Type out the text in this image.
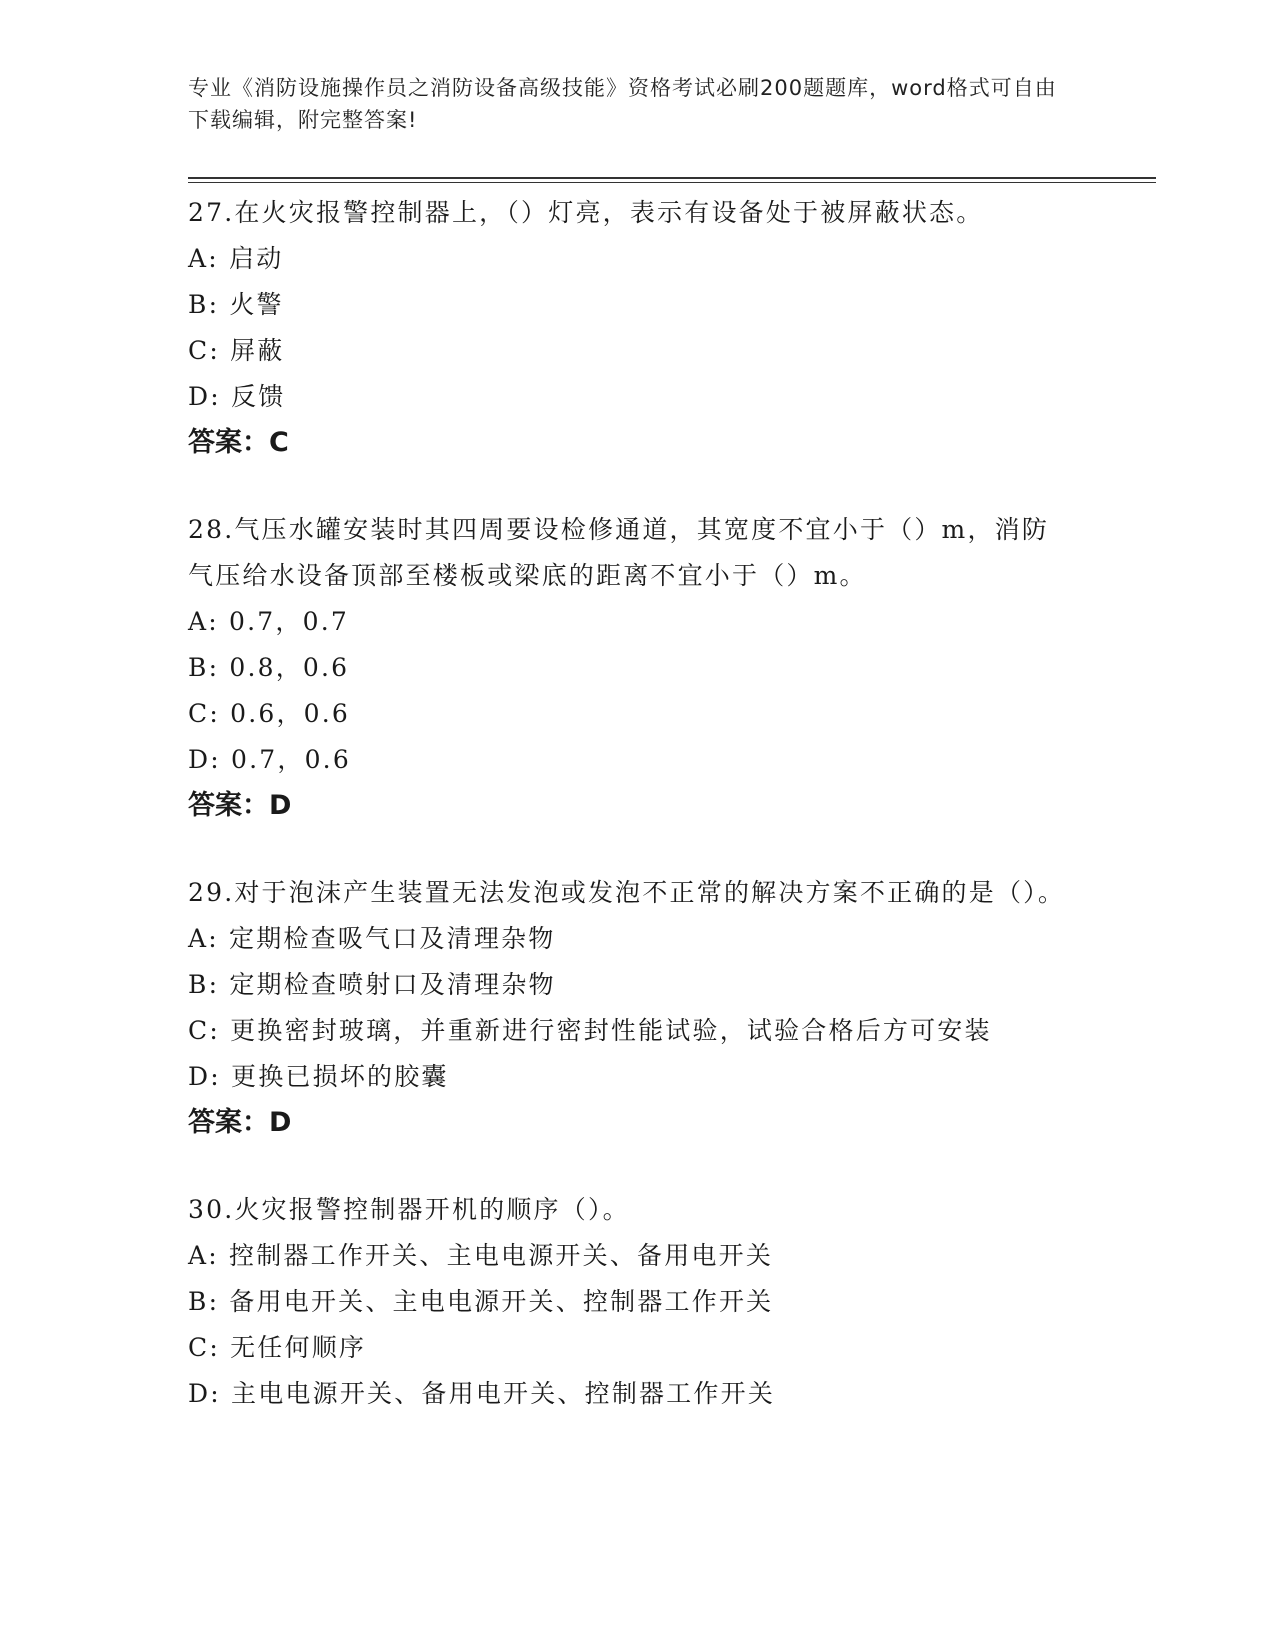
专业《消防设施操作员之消防设备高级技能》资格考试必刷200题题库，word格式可自由下载编辑，附完整答案!

27.在火灾报警控制器上，（）灯亮，表示有设备处于被屏蔽状态。

A: 启动

B: 火警

C: 屏蔽

D: 反馈

答案：C

28.气压水罐安装时其四周要设检修通道，其宽度不宜小于（）m，消防气压给水设备顶部至楼板或梁底的距离不宜小于（）m。

A: 0.7，0.7

B: 0.8，0.6

C: 0.6，0.6

D: 0.7，0.6

答案：D

29.对于泡沫产生装置无法发泡或发泡不正常的解决方案不正确的是（）。

A: 定期检查吸气口及清理杂物

B: 定期检查喷射口及清理杂物

C: 更换密封玻璃，并重新进行密封性能试验，试验合格后方可安装

D: 更换已损坏的胶囊

答案：D

30.火灾报警控制器开机的顺序（）。

A: 控制器工作开关、主电电源开关、备用电开关

B: 备用电开关、主电电源开关、控制器工作开关

C: 无任何顺序

D: 主电电源开关、备用电开关、控制器工作开关
